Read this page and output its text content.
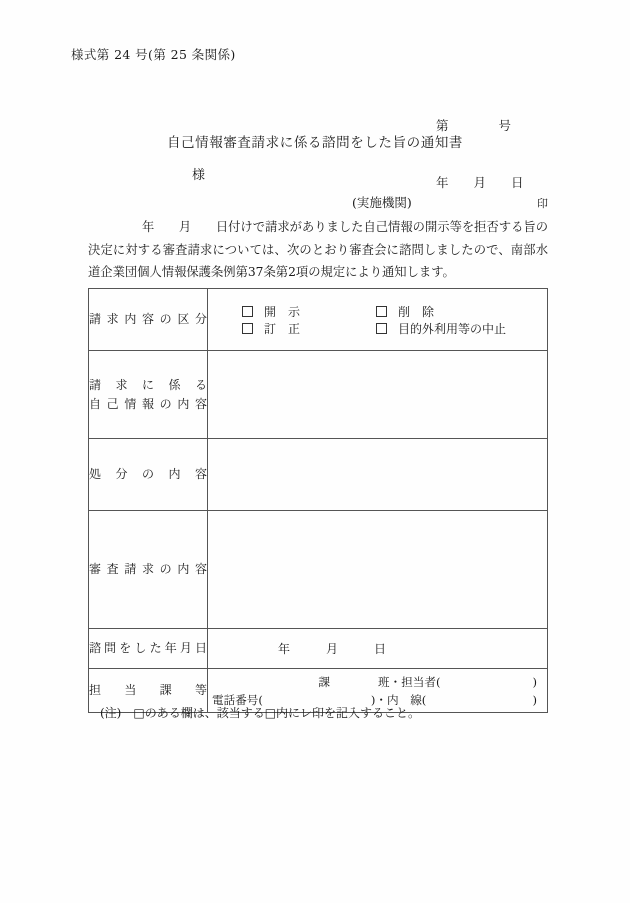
様式第 24 号(第 25 条関係)

第　　　　号

年　　月　　日

自己情報審査請求に係る諮問をした旨の通知書
様
(実施機関)	印
年　　月　　日付けで請求がありました自己情報の開示等を拒否する旨の決定に対する審査請求については、次のとおり審査会に諮問しましたので、南部水道企業団個人情報保護条例第37条第2項の規定により通知します。
請求内容の区分	開　示 削　除
訂　正 目的外利用等の中止

請求に係る
自己情報の内容	

処分の内容	

審査請求の内容	

諮問をした年月日	年　　　月　　　日

担当課等

課	班・担当者(	)
電話番号(	)・内　線(	)
(注)　□のある欄は、該当する□内にレ印を記入すること。
